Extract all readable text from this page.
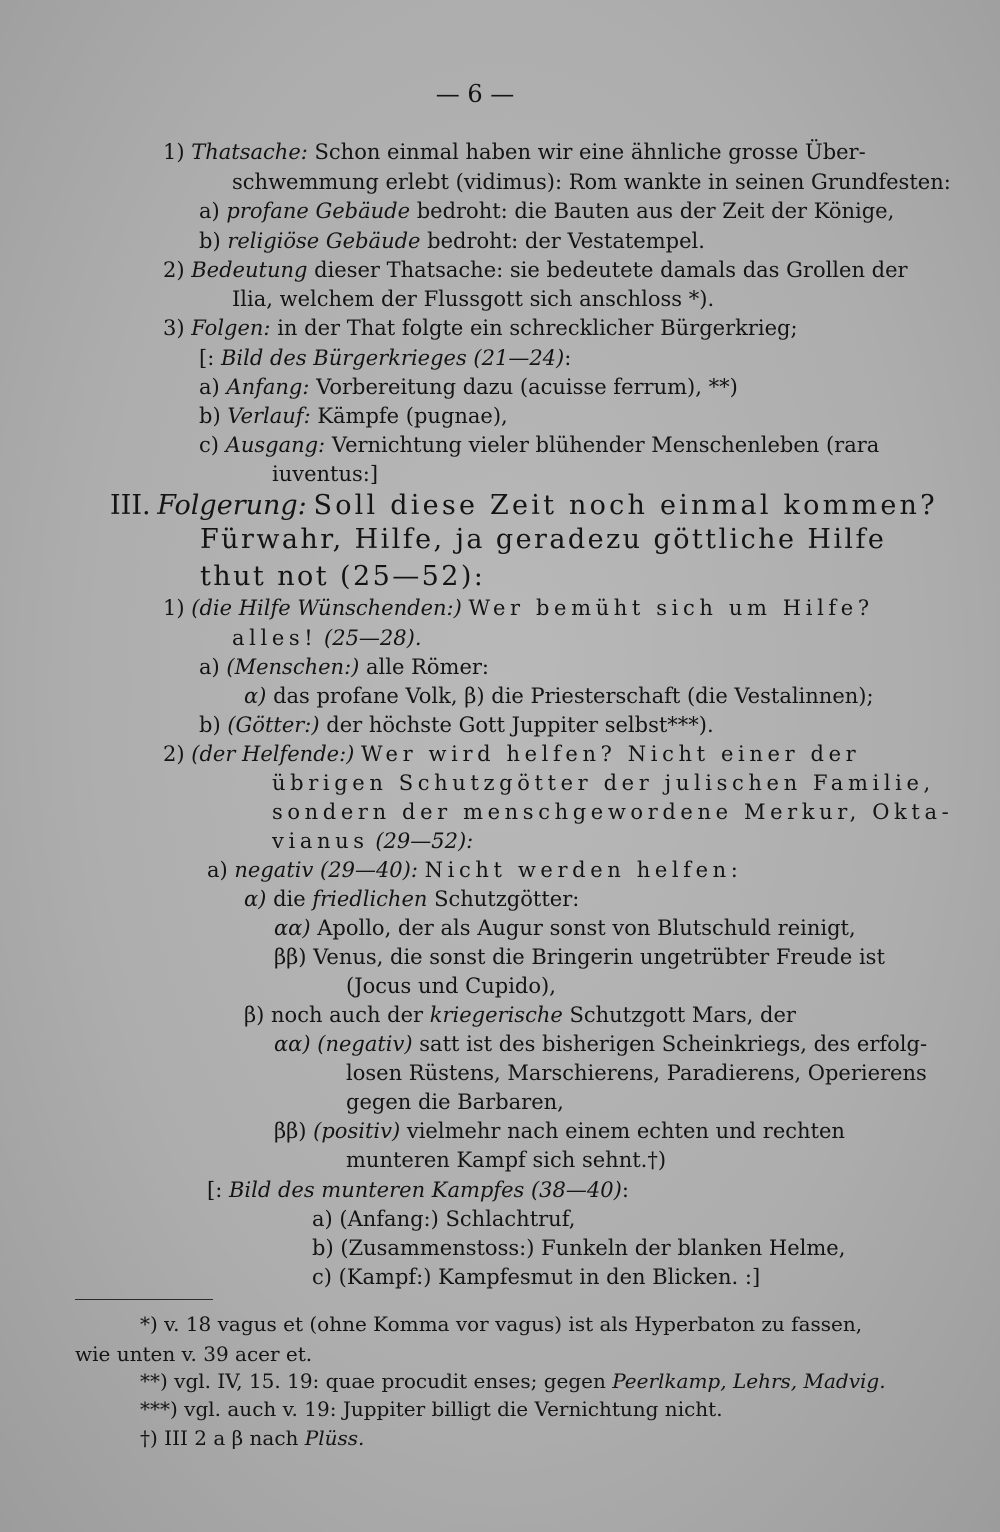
— 6 —
1) Thatsache: Schon einmal haben wir eine ähnliche grosse Über-
schwemmung erlebt (vidimus): Rom wankte in seinen Grundfesten:
a) profane Gebäude bedroht: die Bauten aus der Zeit der Könige,
b) religiöse Gebäude bedroht: der Vestatempel.
2) Bedeutung dieser Thatsache: sie bedeutete damals das Grollen der
Ilia, welchem der Flussgott sich anschloss *).
3) Folgen: in der That folgte ein schrecklicher Bürgerkrieg;
[: Bild des Bürgerkrieges (21—24):
a) Anfang: Vorbereitung dazu (acuisse ferrum), **)
b) Verlauf: Kämpfe (pugnae),
c) Ausgang: Vernichtung vieler blühender Menschenleben (rara
iuventus:]
III. Folgerung: Soll diese Zeit noch einmal kommen?
Fürwahr, Hilfe, ja geradezu göttliche Hilfe
thut not (25—52):
1) (die Hilfe Wünschenden:) Wer bemüht sich um Hilfe?
alles! (25—28).
a) (Menschen:) alle Römer:
α) das profane Volk, β) die Priesterschaft (die Vestalinnen);
b) (Götter:) der höchste Gott Juppiter selbst***).
2) (der Helfende:) Wer wird helfen? Nicht einer der
übrigen Schutzgötter der julischen Familie,
sondern der menschgewordene Merkur, Okta-
vianus (29—52):
a) negativ (29—40): Nicht werden helfen:
α) die friedlichen Schutzgötter:
αα) Apollo, der als Augur sonst von Blutschuld reinigt,
ββ) Venus, die sonst die Bringerin ungetrübter Freude ist
(Jocus und Cupido),
β) noch auch der kriegerische Schutzgott Mars, der
αα) (negativ) satt ist des bisherigen Scheinkriegs, des erfolg-
losen Rüstens, Marschierens, Paradierens, Operierens
gegen die Barbaren,
ββ) (positiv) vielmehr nach einem echten und rechten
munteren Kampf sich sehnt.†)
[: Bild des munteren Kampfes (38—40):
a) (Anfang:) Schlachtruf,
b) (Zusammenstoss:) Funkeln der blanken Helme,
c) (Kampf:) Kampfesmut in den Blicken. :]
*) v. 18 vagus et (ohne Komma vor vagus) ist als Hyperbaton zu fassen,
wie unten v. 39 acer et.
**) vgl. IV, 15. 19: quae procudit enses; gegen Peerlkamp, Lehrs, Madvig.
***) vgl. auch v. 19: Juppiter billigt die Vernichtung nicht.
†) III 2 a β nach Plüss.
